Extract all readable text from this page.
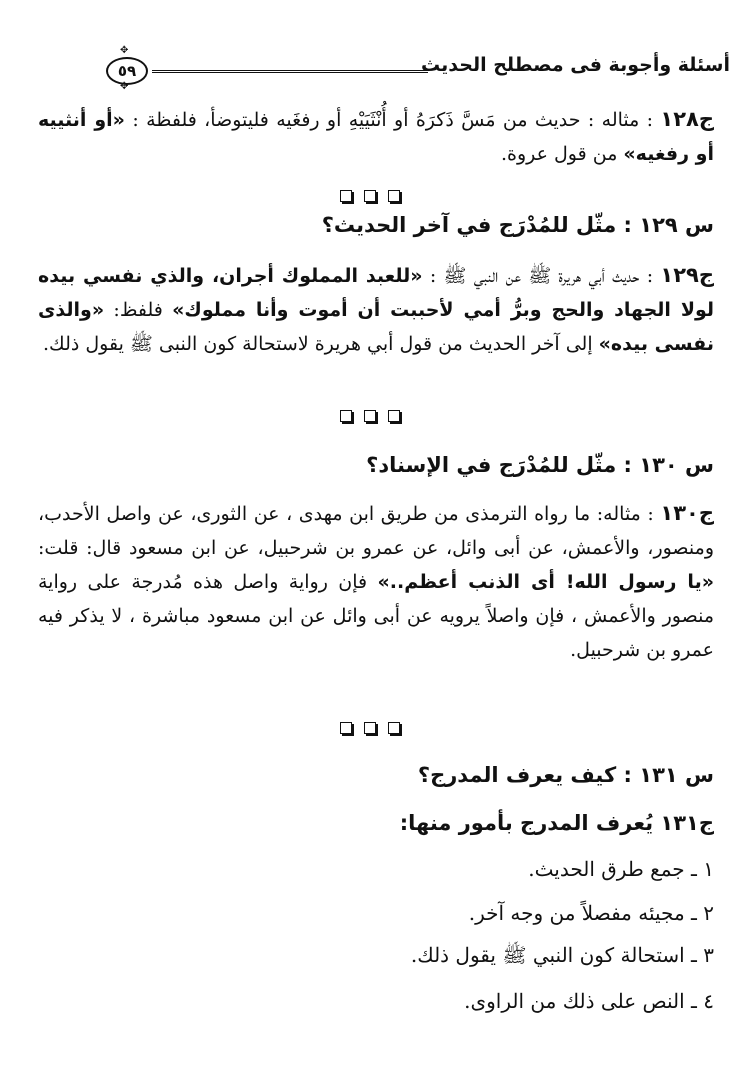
أسئلة وأجوبة فى مصطلح الحديث
✥
✥
٥٩
ج١٢٨ : مثاله : حديث من مَسَّ ذَكرَهُ أو أُنْثَيَيْهِ أو رفغَيه فليتوضأ، فلفظة : «أو أنثييه أو رفغيه» من قول عروة.
س ١٢٩ : مثّل للمُدْرَج في آخر الحديث؟
ج١٢٩ : حديث أبي هريرة ﷺ عن النبي ﷺ : «للعبد المملوك أجران، والذي نفسي بيده لولا الجهاد والحج وبرُّ أمي لأحببت أن أموت وأنا مملوك» فلفظ: «والذى نفسى بيده» إلى آخر الحديث من قول أبي هريرة لاستحالة كون النبى ﷺ يقول ذلك.
س ١٣٠ : مثّل للمُدْرَج في الإسناد؟
ج١٣٠ : مثاله: ما رواه الترمذى من طريق ابن مهدى ، عن الثورى، عن واصل الأحدب، ومنصور، والأعمش، عن أبى وائل، عن عمرو بن شرحبيل، عن ابن مسعود قال: قلت: «يا رسول الله! أى الذنب أعظم..» فإن رواية واصل هذه مُدرجة على رواية منصور والأعمش ، فإن واصلاً يرويه عن أبى وائل عن ابن مسعود مباشرة ، لا يذكر فيه عمرو بن شرحبيل.
س ١٣١ : كيف يعرف المدرج؟
ج١٣١ يُعرف المدرج بأمور منها:
١ ـ جمع طرق الحديث.
٢ ـ مجيئه مفصلاً من وجه آخر.
٣ ـ استحالة كون النبي ﷺ يقول ذلك.
٤ ـ النص على ذلك من الراوى.
